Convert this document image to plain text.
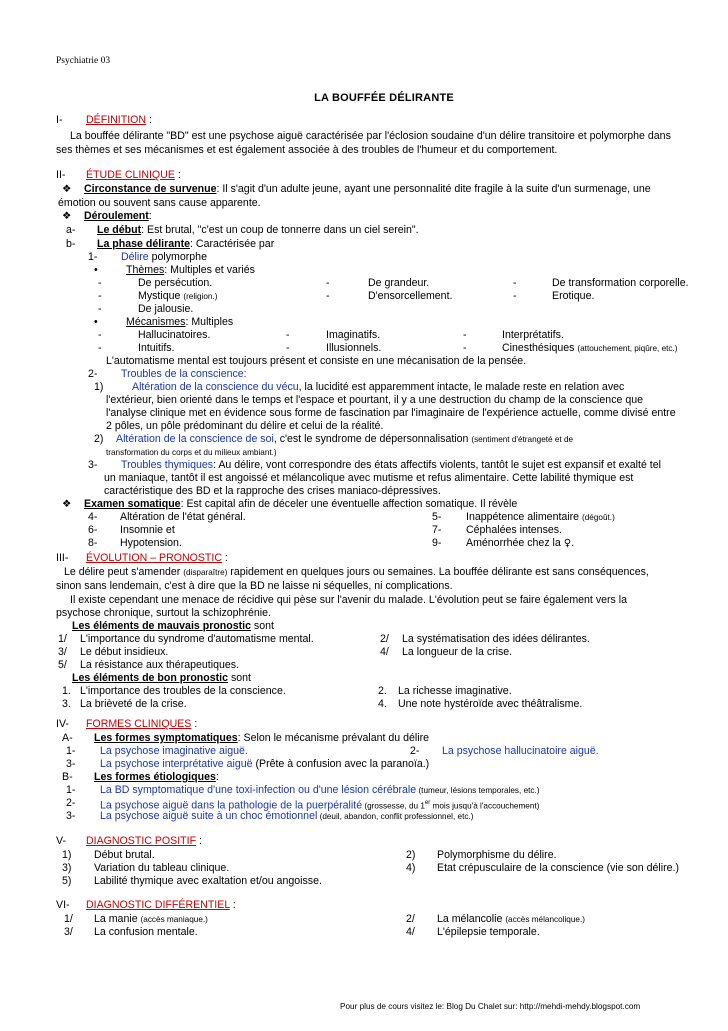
Psychiatrie 03
LA BOUFFÉE DÉLIRANTE
I- DÉFINITION :
La bouffée délirante "BD" est une psychose aiguë caractérisée par l'éclosion soudaine d'un délire transitoire et polymorphe dans
ses thèmes et ses mécanismes et est également associée à des troubles de l'humeur et du comportement.
II- ÉTUDE CLINIQUE :
❖ Circonstance de survenue: Il s'agit d'un adulte jeune, ayant une personnalité dite fragile à la suite d'un surmenage, une
émotion ou souvent sans cause apparente.
❖ Déroulement:
a- Le début: Est brutal, "c'est un coup de tonnerre dans un ciel serein".
b- La phase délirante: Caractérisée par
1- Délire polymorphe
•	Thèmes: Multiples et variés
-	De persécution.	-	De grandeur.	-	De transformation corporelle.
-	Mystique (religion.)	-	D'ensorcellement.	-	Erotique.
-	De jalousie.
•	Mécanismes: Multiples
-	Hallucinatoires.	-	Imaginatifs.	-	Interprétatifs.
-	Intuitifs.	-	Illusionnels.	-	Cinesthésiques (attouchement, piqûre, etc.)
L'automatisme mental est toujours présent et consiste en une mécanisation de la pensée.
2- Troubles de la conscience:
1)	Altération de la conscience du vécu, la lucidité est apparemment intacte, le malade reste en relation avec
l'extérieur, bien orienté dans le temps et l'espace et pourtant, il y a une destruction du champ de la conscience que
l'analyse clinique met en évidence sous forme de fascination par l'imaginaire de l'expérience actuelle, comme divisé entre
2 pôles, un pôle prédominant du délire et celui de la réalité.
2) Altération de la conscience de soi, c'est le syndrome de dépersonnalisation (sentiment d'étrangeté et de
transformation du corps et du milieux ambiant.)
3- Troubles thymiques: Au délire, vont correspondre des états affectifs violents, tantôt le sujet est expansif et exalté tel
un maniaque, tantôt il est angoissé et mélancolique avec mutisme et refus alimentaire. Cette labilité thymique est
caractéristique des BD et la rapproche des crises maniaco-dépressives.
❖ Examen somatique: Est capital afin de déceler une éventuelle affection somatique. Il révèle
4- Altération de l'état général.	5- Inappétence alimentaire (dégoût.)
6- Insomnie et	7- Céphalées intenses.
8- Hypotension.	9- Aménorrhée chez la ♀.
III- ÉVOLUTION – PRONOSTIC :
Le délire peut s'amender (disparaître) rapidement en quelques jours ou semaines. La bouffée délirante est sans conséquences,
sinon sans lendemain, c'est à dire que la BD ne laisse ni séquelles, ni complications.
Il existe cependant une menace de récidive qui pèse sur l'avenir du malade. L'évolution peut se faire également vers la
psychose chronique, surtout la schizophrénie.
Les éléments de mauvais pronostic sont
1/ L'importance du syndrome d'automatisme mental.	2/ La systématisation des idées délirantes.
3/ Le début insidieux.	4/ La longueur de la crise.
5/ La résistance aux thérapeutiques.
Les éléments de bon pronostic sont
1. L'importance des troubles de la conscience.	2. La richesse imaginative.
3. La brièveté de la crise.	4. Une note hystéroïde avec théâtralisme.
IV- FORMES CLINIQUES :
A- Les formes symptomatiques: Selon le mécanisme prévalant du délire
1- La psychose imaginative aiguë.	2- La psychose hallucinatoire aiguë.
3- La psychose interprétative aiguë (Prête à confusion avec la paranoïa.)
B- Les formes étiologiques:
1- La BD symptomatique d'une toxi-infection ou d'une lésion cérébrale (tumeur, lésions temporales, etc.)
2- La psychose aiguë dans la pathologie de la puerpéralité (grossesse, du 1er mois jusqu'à l'accouchement)
3- La psychose aiguë suite à un choc émotionnel (deuil, abandon, conflit professionnel, etc.)
V- DIAGNOSTIC POSITIF :
1) Début brutal.	2) Polymorphisme du délire.
3) Variation du tableau clinique.	4) Etat crépusculaire de la conscience (vie son délire.)
5) Labilité thymique avec exaltation et/ou angoisse.
VI- DIAGNOSTIC DIFFÉRENTIEL :
1/ La manie (accès maniaque.)	2/ La mélancolie (accès mélancolique.)
3/ La confusion mentale.	4/ L'épilepsie temporale.
Pour plus de cours visitez le: Blog Du Chalet sur: http://mehdi-mehdy.blogspot.com
